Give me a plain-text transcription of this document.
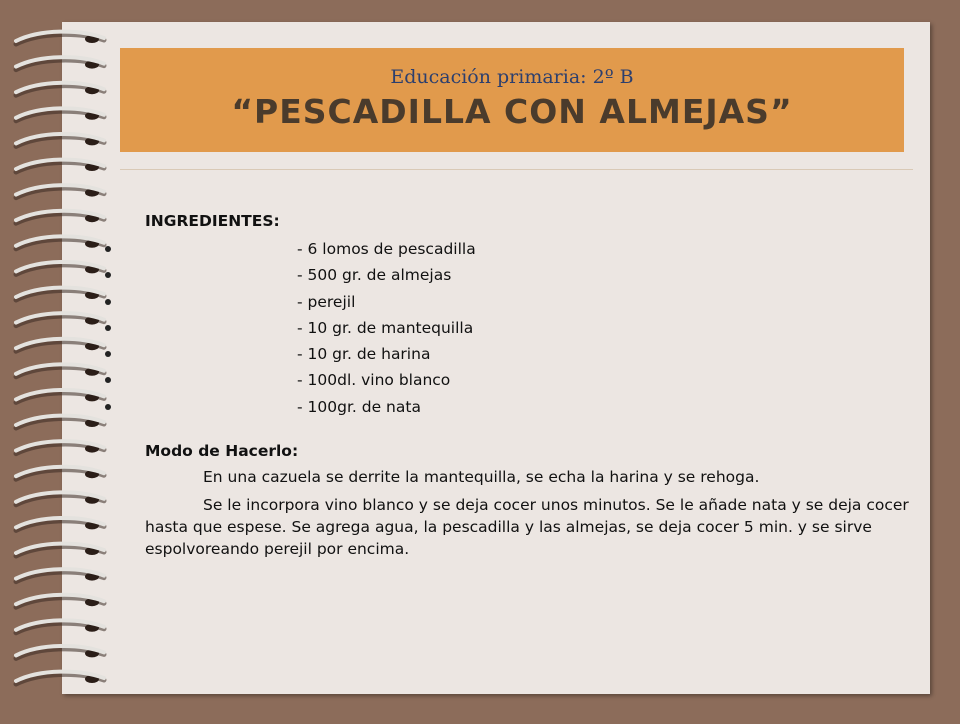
Educación primaria: 2º B
“PESCADILLA CON ALMEJAS”
INGREDIENTES:
- 6 lomos de pescadilla
- 500 gr. de almejas
- perejil
- 10 gr. de mantequilla
- 10 gr. de harina
- 100dl. vino blanco
- 100gr. de nata
Modo de Hacerlo:

En una cazuela se derrite la mantequilla, se echa la harina y se rehoga.

Se le incorpora vino blanco y se deja cocer unos minutos. Se le añade nata y se deja cocer hasta que espese. Se agrega agua, la pescadilla y las almejas, se deja cocer 5 min. y se sirve espolvoreando perejil por encima.
